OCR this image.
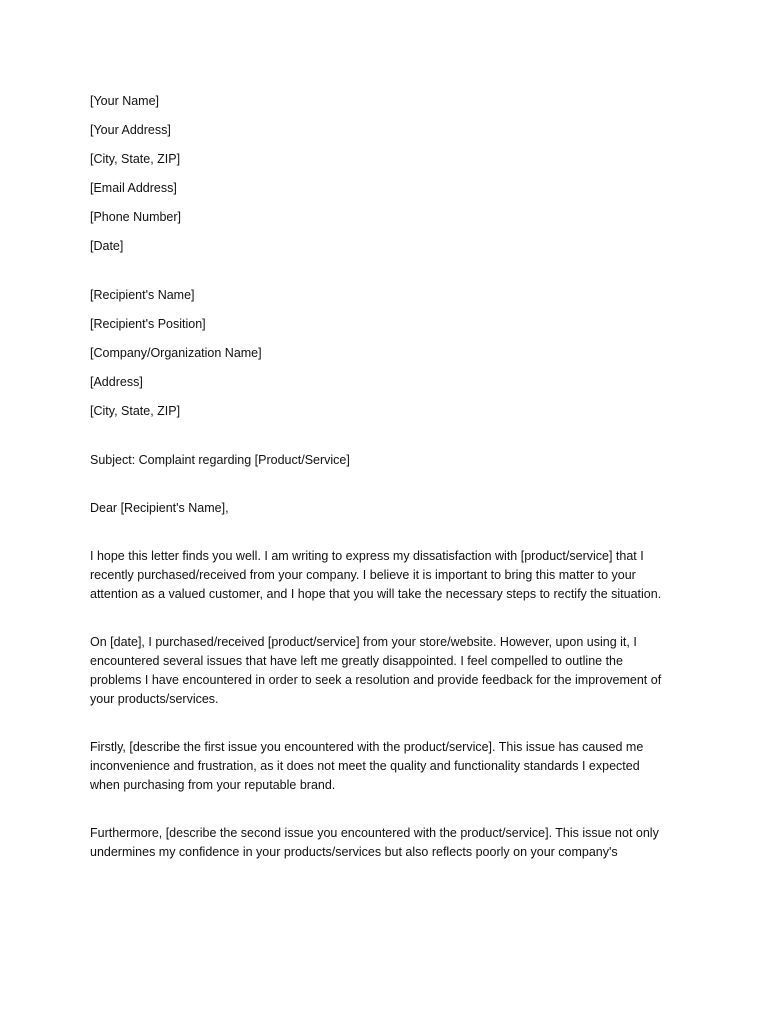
[Your Name]
[Your Address]
[City, State, ZIP]
[Email Address]
[Phone Number]
[Date]
[Recipient's Name]
[Recipient's Position]
[Company/Organization Name]
[Address]
[City, State, ZIP]
Subject: Complaint regarding [Product/Service]
Dear [Recipient's Name],
I hope this letter finds you well. I am writing to express my dissatisfaction with [product/service] that I
recently purchased/received from your company. I believe it is important to bring this matter to your
attention as a valued customer, and I hope that you will take the necessary steps to rectify the situation.
On [date], I purchased/received [product/service] from your store/website. However, upon using it, I
encountered several issues that have left me greatly disappointed. I feel compelled to outline the
problems I have encountered in order to seek a resolution and provide feedback for the improvement of
your products/services.
Firstly, [describe the first issue you encountered with the product/service]. This issue has caused me
inconvenience and frustration, as it does not meet the quality and functionality standards I expected
when purchasing from your reputable brand.
Furthermore, [describe the second issue you encountered with the product/service]. This issue not only
undermines my confidence in your products/services but also reflects poorly on your company's
